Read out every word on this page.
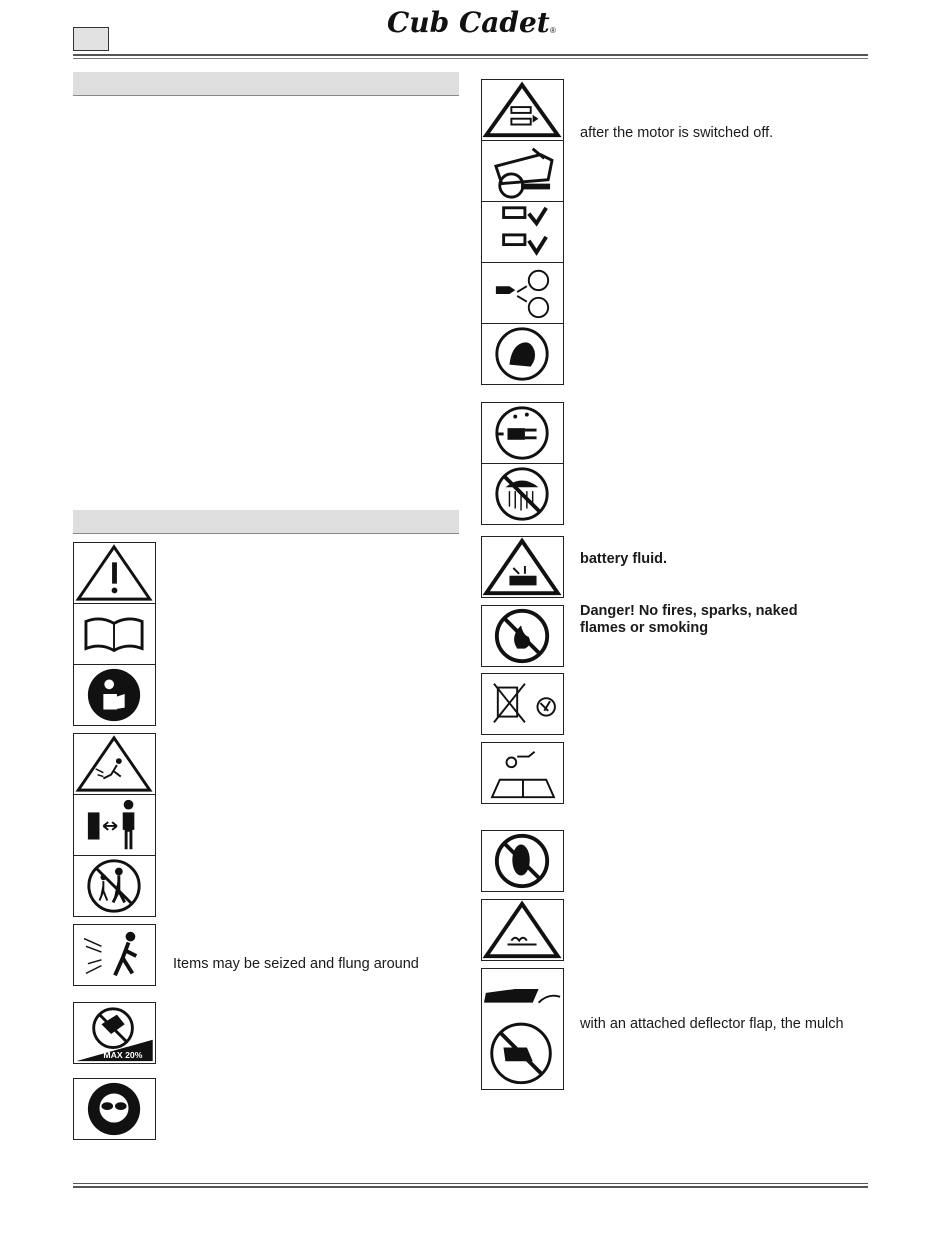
Cub Cadet ®
after the motor is switched off.
battery fluid.
Danger! No fires, sparks, naked
flames or smoking
with an attached deflector flap, the mulch
MAX 20%
Items may be seized and flung around
